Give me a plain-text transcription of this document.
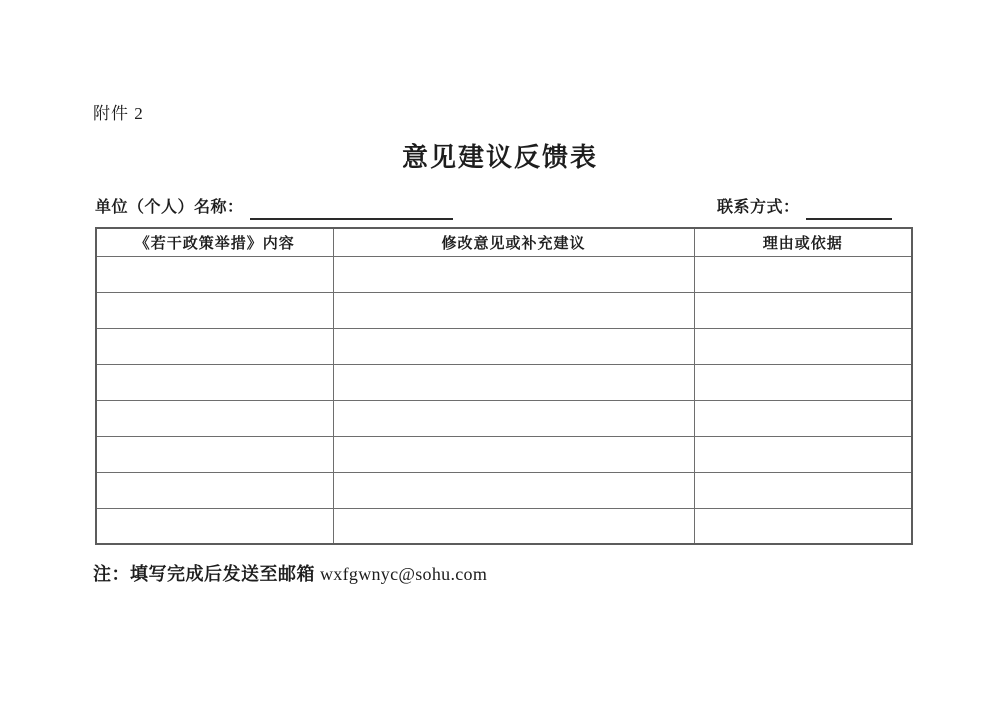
附件 2
意见建议反馈表
单位（个人）名称：	联系方式：
《若干政策举措》内容	修改意见或补充建议	理由或依据

注：填写完成后发送至邮箱 wxfgwnyc@sohu.com
